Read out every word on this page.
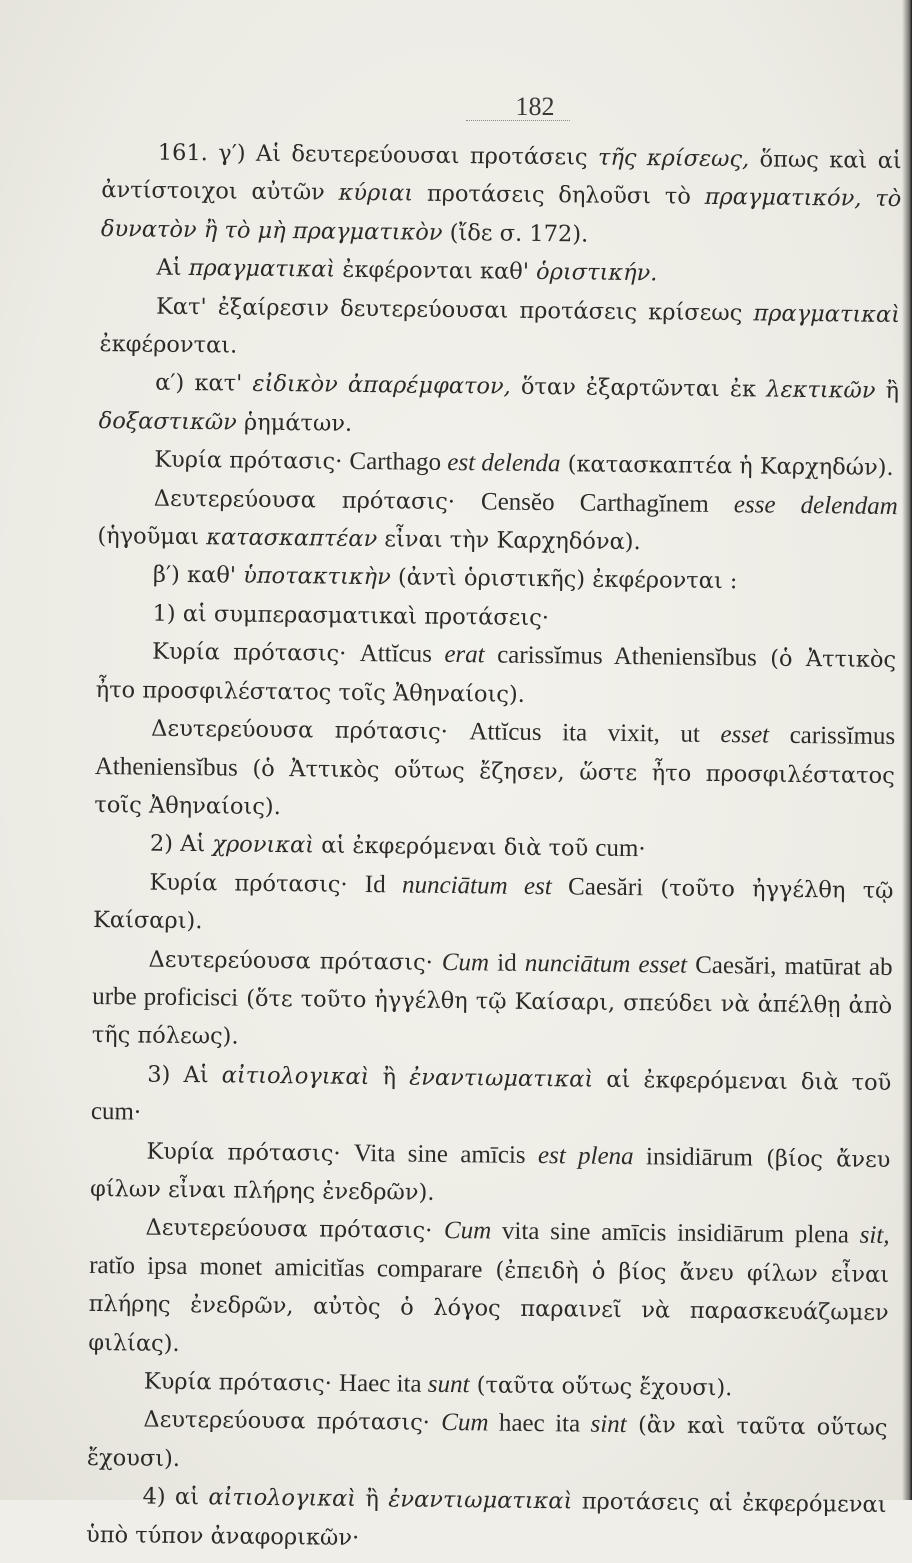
182

161. γ′) Αἱ δευτερεύουσαι προτάσεις τῆς κρίσεως, ὅπως καὶ αἱ ἀντίστοιχοι αὐτῶν κύριαι προτάσεις δηλοῦσι τὸ πραγματικόν, τὸ δυνατὸν ἢ τὸ μὴ πραγματικὸν (ἴδε σ. 172).

Αἱ πραγματικαὶ ἐκφέρονται καθ' ὁριστικήν.

Κατ' ἐξαίρεσιν δευτερεύουσαι προτάσεις κρίσεως πραγματικαὶ ἐκφέρονται.

α′) κατ' εἰδικὸν ἀπαρέμφατον, ὅταν ἐξαρτῶνται ἐκ λεκτικῶν ἢ δοξαστικῶν ῥημάτων.

Κυρία πρότασις· Carthago est delenda (κατασκαπτέα ἡ Καρχηδών).

Δευτερεύουσα πρότασις· Censĕo Carthagĭnem esse delendam (ἡγοῦμαι κατασκαπτέαν εἶναι τὴν Καρχηδόνα).

β′) καθ' ὑποτακτικὴν (ἀντὶ ὁριστικῆς) ἐκφέρονται :

1) αἱ συμπερασματικαὶ προτάσεις·

Κυρία πρότασις· Attĭcus erat carissĭmus Atheniensĭbus (ὁ Ἀττικὸς ἦτο προσφιλέστατος τοῖς Ἀθηναίοις).

Δευτερεύουσα πρότασις· Attĭcus ita vixit, ut esset carissĭmus Atheniensĭbus (ὁ Ἀττικὸς οὕτως ἔζησεν, ὥστε ἦτο προσφιλέστατος τοῖς Ἀθηναίοις).

2) Αἱ χρονικαὶ αἱ ἐκφερόμεναι διὰ τοῦ cum·

Κυρία πρότασις· Id nunciātum est Caesări (τοῦτο ἠγγέλθη τῷ Καίσαρι).

Δευτερεύουσα πρότασις· Cum id nunciātum esset Caesări, matūrat ab urbe proficisci (ὅτε τοῦτο ἠγγέλθη τῷ Καίσαρι, σπεύδει νὰ ἀπέλθῃ ἀπὸ τῆς πόλεως).

3) Αἱ αἰτιολογικαὶ ἢ ἐναντιωματικαὶ αἱ ἐκφερόμεναι διὰ τοῦ cum·

Κυρία πρότασις· Vita sine amīcis est plena insidiārum (βίος ἄνευ φίλων εἶναι πλήρης ἐνεδρῶν).

Δευτερεύουσα πρότασις· Cum vita sine amīcis insidiārum plena sit, ratĭo ipsa monet amicitĭas comparare (ἐπειδὴ ὁ βίος ἄνευ φίλων εἶναι πλήρης ἐνεδρῶν, αὐτὸς ὁ λόγος παραινεῖ νὰ παρασκευάζωμεν φιλίας).

Κυρία πρότασις· Haec ita sunt (ταῦτα οὕτως ἔχουσι).

Δευτερεύουσα πρότασις· Cum haec ita sint (ἂν καὶ ταῦτα οὕτως ἔχουσι).

4) αἱ αἰτιολογικαὶ ἢ ἐναντιωματικαὶ προτάσεις αἱ ἐκφερόμεναι ὑπὸ τύπον ἀναφορικῶν·
